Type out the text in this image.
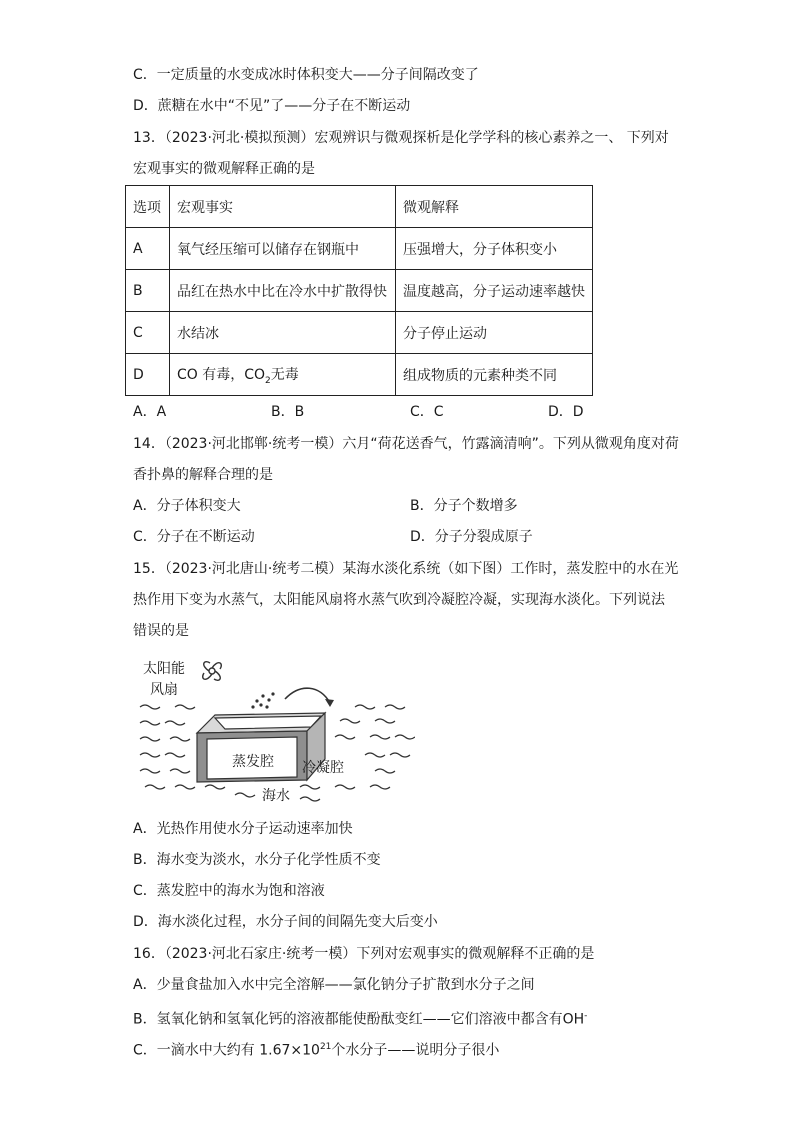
C．一定质量的水变成冰时体积变大——分子间隔改变了
D．蔗糖在水中“不见”了——分子在不断运动
13．（2023·河北·模拟预测）宏观辨识与微观探析是化学学科的核心素养之一、 下列对
宏观事实的微观解释正确的是
选项	宏观事实	微观解释
A	氧气经压缩可以储存在钢瓶中	压强增大，分子体积变小
B	品红在热水中比在冷水中扩散得快	温度越高，分子运动速率越快
C	水结冰	分子停止运动
D	CO 有毒，$CO_2$无毒	组成物质的元素种类不同
A．A	B．B	C．C	D．D
14．（2023·河北邯郸·统考一模）六月“荷花送香气，竹露滴清响”。下列从微观角度对荷
香扑鼻的解释合理的是
A．分子体积变大	B．分子个数增多
C．分子在不断运动	D．分子分裂成原子
15．（2023·河北唐山·统考二模）某海水淡化系统（如下图）工作时，蒸发腔中的水在光
热作用下变为水蒸气，太阳能风扇将水蒸气吹到冷凝腔冷凝，实现海水淡化。下列说法
错误的是
太阳能
风扇
蒸发腔 冷凝腔
海水
A．光热作用使水分子运动速率加快
B．海水变为淡水，水分子化学性质不变
C．蒸发腔中的海水为饱和溶液
D．海水淡化过程，水分子间的间隔先变大后变小
16．（2023·河北石家庄·统考一模）下列对宏观事实的微观解释不正确的是
A．少量食盐加入水中完全溶解——氯化钠分子扩散到水分子之间
B．氢氧化钠和氢氧化钙的溶液都能使酚酞变红——它们溶液中都含有OH-
C．一滴水中大约有 $1.67\times 10^{21}$个水分子——说明分子很小
